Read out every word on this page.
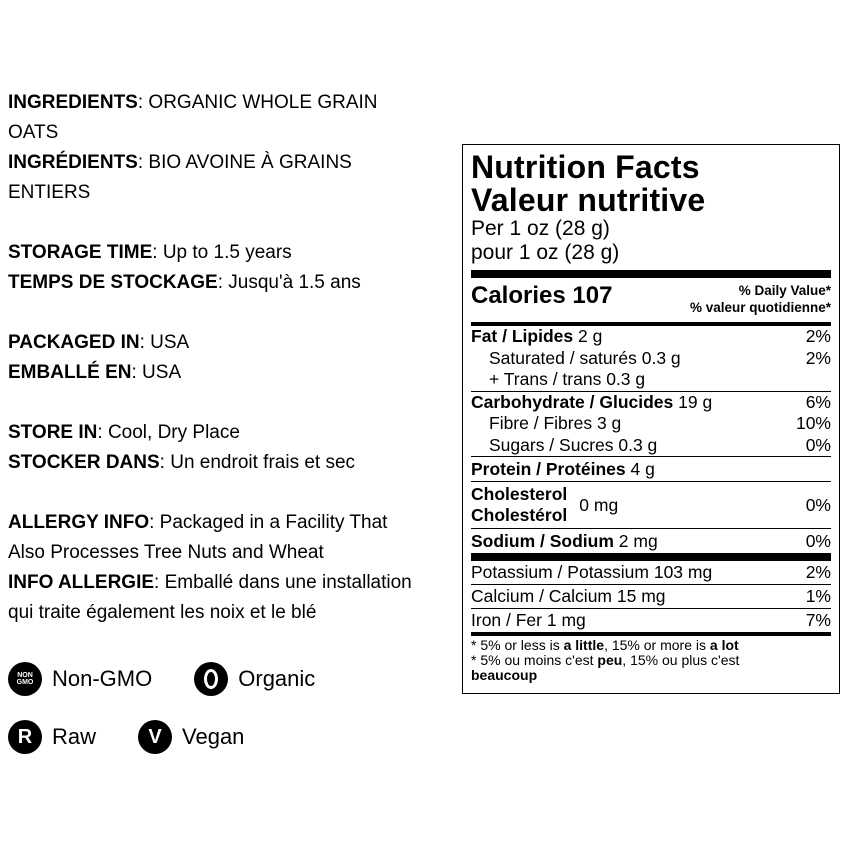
INGREDIENTS: ORGANIC WHOLE GRAIN
OATS
INGRÉDIENTS: BIO AVOINE À GRAINS
ENTIERS
STORAGE TIME: Up to 1.5 years
TEMPS DE STOCKAGE: Jusqu'à 1.5 ans
PACKAGED IN: USA
EMBALLÉ EN: USA
STORE IN: Cool, Dry Place
STOCKER DANS: Un endroit frais et sec
ALLERGY INFO: Packaged in a Facility That
Also Processes Tree Nuts and Wheat
INFO ALLERGIE: Emballé dans une installation
qui traite également les noix et le blé
NON
GMO Non-GMO	Organic
R Raw	V Vegan
Nutrition Facts
Valeur nutritive
Per 1 oz (28 g)
pour 1 oz (28 g)
Calories 107	% Daily Value*
% valeur quotidienne*
Fat / Lipides 2 g	2%
Saturated / saturés 0.3 g	2%
+ Trans / trans 0.3 g
Carbohydrate / Glucides 19 g	6%
Fibre / Fibres 3 g	10%
Sugars / Sucres 0.3 g	0%
Protein / Protéines 4 g
Cholesterol
Cholestérol
0 mg	0%
Sodium / Sodium 2 mg	0%
Potassium / Potassium 103 mg	2%
Calcium / Calcium 15 mg	1%
Iron / Fer 1 mg	7%
* 5% or less is a little, 15% or more is a lot
* 5% ou moins c'est peu, 15% ou plus c'est
beaucoup
